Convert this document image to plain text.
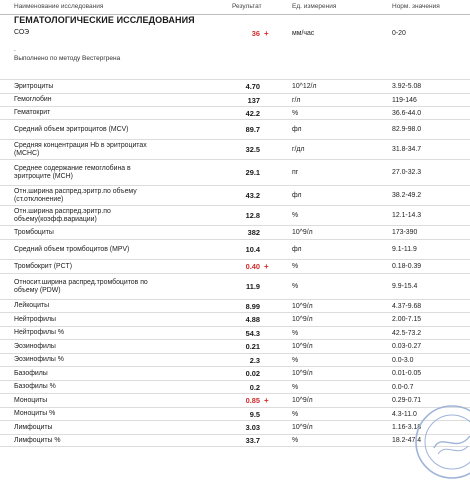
Наименование исследования	Результат	Ед. измерения	Норм. значения
ГЕМАТОЛОГИЧЕСКИЕ ИССЛЕДОВАНИЯ
СОЭ	36 +	мм/час	0-20
.
Выполнено по методу Вестергрена
Эритроциты	4.70	10^12/л	3.92-5.08
Гемоглобин	137	г/л	119-146
Гематокрит	42.2	%	36.6-44.0
Средний объем эритроцитов (MCV)	89.7	фл	82.9-98.0
Средняя концентрация Hb в эритроцитах (MCHC)	32.5	г/дл	31.8-34.7
Среднее содержание гемоглобина в эритроците (MCH)	29.1	пг	27.0-32.3
Отн.ширина распред.эритр.по объему (ст.отклонение)	43.2	фл	38.2-49.2
Отн.ширина распред.эритр.по объему(коэфф.вариации)	12.8	%	12.1-14.3
Тромбоциты	382	10^9/л	173-390
Средний объем тромбоцитов (MPV)	10.4	фл	9.1-11.9
Тромбокрит (PCT)	0.40 +	%	0.18-0.39
Относит.ширина распред.тромбоцитов по объему (PDW)	11.9	%	9.9-15.4
Лейкоциты	8.99	10^9/л	4.37-9.68
Нейтрофилы	4.88	10^9/л	2.00-7.15
Нейтрофилы %	54.3	%	42.5-73.2
Эозинофилы	0.21	10^9/л	0.03-0.27
Эозинофилы %	2.3	%	0.0-3.0
Базофилы	0.02	10^9/л	0.01-0.05
Базофилы %	0.2	%	0.0-0.7
Моноциты	0.85 +	10^9/л	0.29-0.71
Моноциты %	9.5	%	4.3-11.0
Лимфоциты	3.03	10^9/л	1.16-3.18
Лимфоциты %	33.7	%	18.2-47.4
